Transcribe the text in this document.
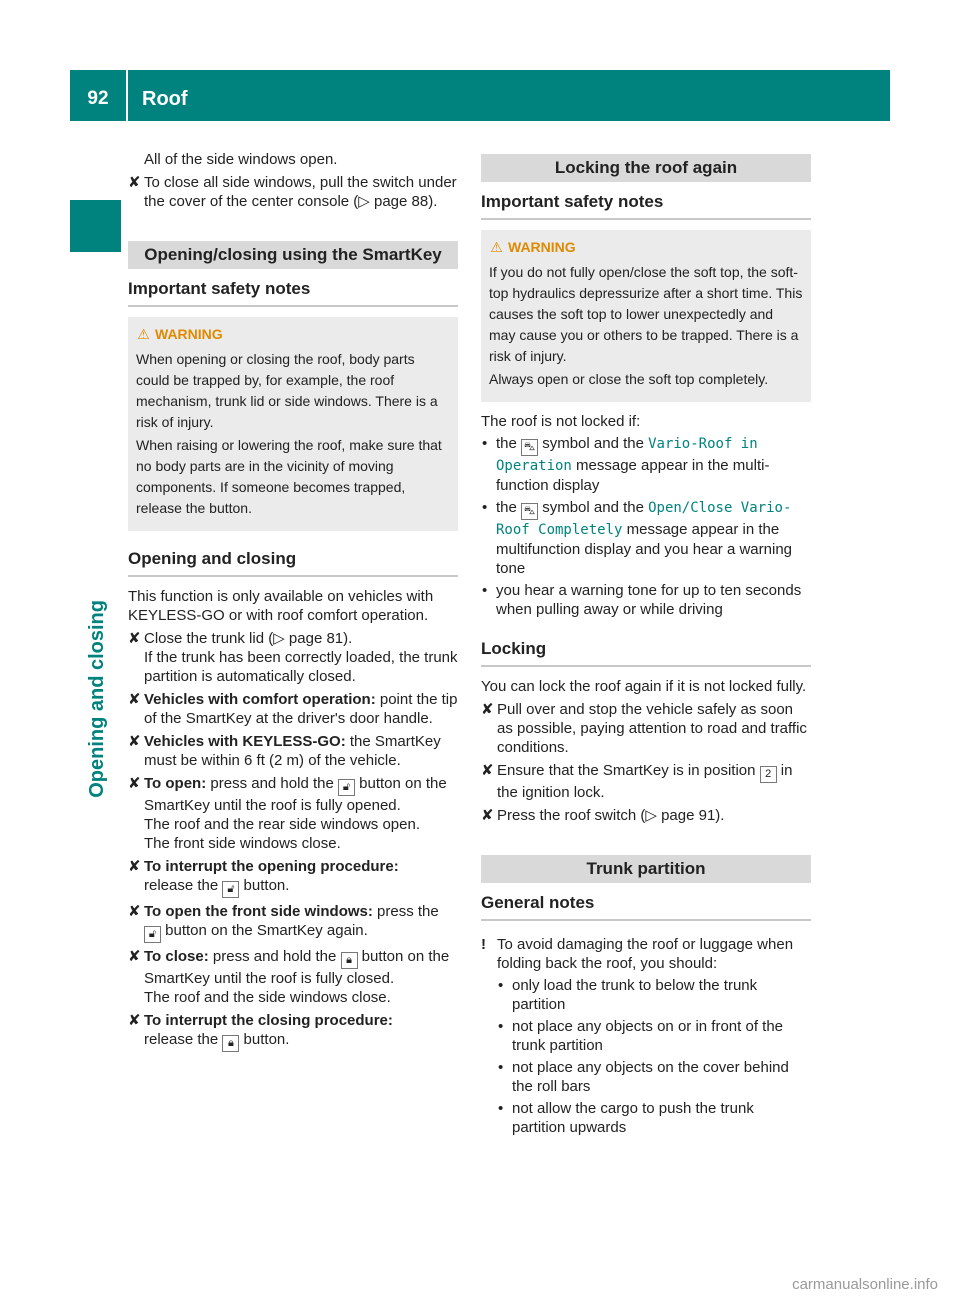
92	Roof
Opening and closing

All of the side windows open.

✘ To close all side windows, pull the switch under the cover of the center console (▷ page 88).
Opening/closing using the SmartKey
Important safety notes
⚠ WARNING

When opening or closing the roof, body parts could be trapped by, for example, the roof mechanism, trunk lid or side windows. There is a risk of injury.

When raising or lowering the roof, make sure that no body parts are in the vicinity of moving components. If someone becomes trapped, release the button.

Opening and closing

This function is only available on vehicles with KEYLESS-GO or with roof comfort operation.

✘ Close the trunk lid (▷ page 81).
If the trunk has been correctly loaded, the trunk partition is automatically closed.
✘ Vehicles with comfort operation: point the tip of the SmartKey at the driver's door handle.
✘ Vehicles with KEYLESS-GO: the SmartKey must be within 6 ft (2 m) of the vehicle.
✘ To open: press and hold the 🔓︎ button on the SmartKey until the roof is fully opened.
The roof and the rear side windows open.
The front side windows close.
✘ To interrupt the opening procedure:
release the 🔓︎ button.
✘ To open the front side windows: press the
🔓︎ button on the SmartKey again.
✘ To close: press and hold the 🔒︎ button on the SmartKey until the roof is fully closed.
The roof and the side windows close.
✘ To interrupt the closing procedure:
release the 🔒︎ button.
Locking the roof again
Important safety notes
⚠ WARNING

If you do not fully open/close the soft top, the soft-top hydraulics depressurize after a short time. This causes the soft top to lower unexpectedly and may cause you or others to be trapped. There is a risk of injury.

Always open or close the soft top completely.

The roof is not locked if:

• the ⛍ symbol and the Vario-Roof in Operation message appear in the multi-function display
• the ⛍ symbol and the Open/Close Vario-Roof Completely message appear in the multifunction display and you hear a warning tone
• you hear a warning tone for up to ten seconds when pulling away or while driving
Locking

You can lock the roof again if it is not locked fully.

✘ Pull over and stop the vehicle safely as soon as possible, paying attention to road and traffic conditions.
✘ Ensure that the SmartKey is in position 2 in the ignition lock.
✘ Press the roof switch (▷ page 91).
Trunk partition
General notes
! To avoid damaging the roof or luggage when folding back the roof, you should:
• only load the trunk to below the trunk partition
• not place any objects on or in front of the trunk partition
• not place any objects on the cover behind the roll bars
• not allow the cargo to push the trunk partition upwards
carmanualsonline.info
